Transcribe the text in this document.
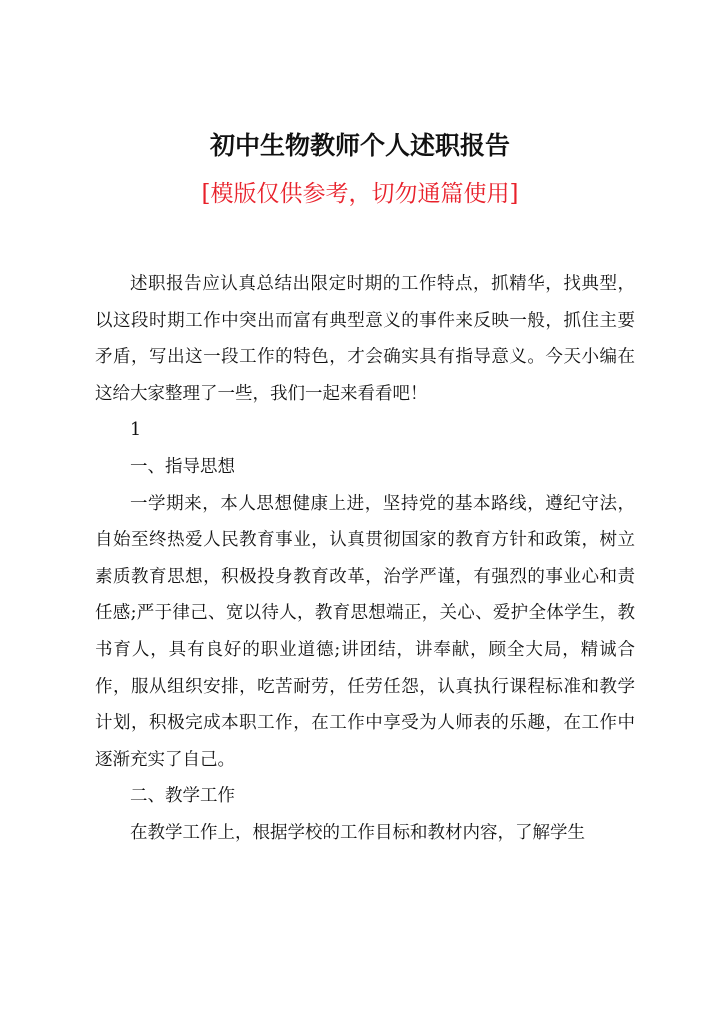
初中生物教师个人述职报告
[模版仅供参考，切勿通篇使用]

述职报告应认真总结出限定时期的工作特点，抓精华，找典型，以这段时期工作中突出而富有典型意义的事件来反映一般，抓住主要矛盾，写出这一段工作的特色，才会确实具有指导意义。今天小编在这给大家整理了一些，我们一起来看看吧！

1

一、指导思想

一学期来，本人思想健康上进，坚持党的基本路线，遵纪守法，自始至终热爱人民教育事业，认真贯彻国家的教育方针和政策，树立素质教育思想，积极投身教育改革，治学严谨，有强烈的事业心和责任感;严于律己、宽以待人，教育思想端正，关心、爱护全体学生，教书育人，具有良好的职业道德;讲团结，讲奉献，顾全大局，精诚合作，服从组织安排，吃苦耐劳，任劳任怨，认真执行课程标准和教学计划，积极完成本职工作，在工作中享受为人师表的乐趣，在工作中逐渐充实了自己。

二、教学工作

在教学工作上，根据学校的工作目标和教材内容，了解学生
